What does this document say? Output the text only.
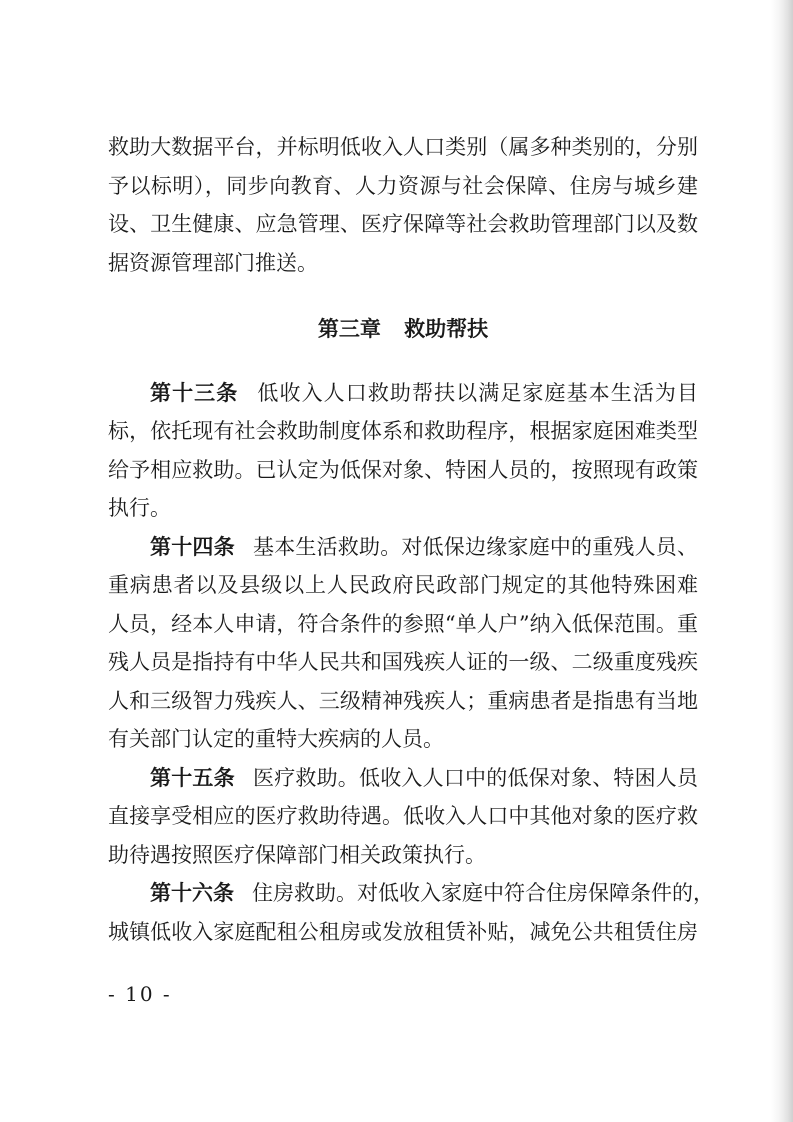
救助大数据平台，并标明低收入人口类别（属多种类别的，分别
予以标明），同步向教育、人力资源与社会保障、住房与城乡建
设、卫生健康、应急管理、医疗保障等社会救助管理部门以及数
据资源管理部门推送。
第三章 救助帮扶
第十三条 低收入人口救助帮扶以满足家庭基本生活为目
标，依托现有社会救助制度体系和救助程序，根据家庭困难类型
给予相应救助。已认定为低保对象、特困人员的，按照现有政策
执行。
第十四条 基本生活救助。对低保边缘家庭中的重残人员、
重病患者以及县级以上人民政府民政部门规定的其他特殊困难
人员，经本人申请，符合条件的参照“单人户”纳入低保范围。重
残人员是指持有中华人民共和国残疾人证的一级、二级重度残疾
人和三级智力残疾人、三级精神残疾人；重病患者是指患有当地
有关部门认定的重特大疾病的人员。
第十五条 医疗救助。低收入人口中的低保对象、特困人员
直接享受相应的医疗救助待遇。低收入人口中其他对象的医疗救
助待遇按照医疗保障部门相关政策执行。
第十六条 住房救助。对低收入家庭中符合住房保障条件的，
城镇低收入家庭配租公租房或发放租赁补贴，减免公共租赁住房
- 10 -
